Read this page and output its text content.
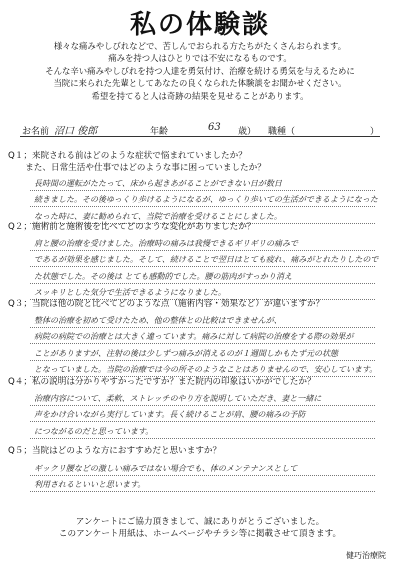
私の体験談
様々な痛みやしびれなどで、苦しんでおられる方たちがたくさんおられます。
痛みを持つ人はひとりでは不安になるものです。
そんな辛い痛みやしびれを持つ人達を勇気付け、治療を続ける勇気を与えるために
当院に来られた先輩としてあなたの良くなられた体験談をお聞かせください。
希望を持てると人は奇跡の結果を見せることがあります。
お名前 沼口 俊郎	年齢	63 歳） 職種（	）
Q１；来院される前はどのような症状で悩まれていましたか？
　　また、日常生活や仕事ではどのような事に困っていましたか？
長時間の運転がたたって、床から起きあがることができない日が数日
続きました。その後ゆっくり歩けるようになるが、ゆっくり歩いての生活ができるようになった
なった時に、妻に勧められて、当院で治療を受けることにしました。
Q２；施術前と施術後を比べてどのような変化がありましたか？
肩と腰の治療を受けました。治療時の痛みは我慢できるギリギリの痛みで
であるが効果を感じました。そして、続けることで翌日はとても疲れ、痛みがとれたりしたので
た状態でした。その後は とても感動的でした。腰の筋肉がすっかり消え
スッキリとした気分で生活できるようになりました。
Q３；当院は他の院と比べてどのような点（施術内容・効果など）が違いますか？
整体の治療を初めて受けたため、他の整体との比較はできませんが、
病院の病院での治療とは大きく違っています。痛みに対して病院の治療をする際の効果が
ことがありますが、注射の後は少しずつ痛みが消えるのが１週間しかもたず元の状態
となっていました。当院の治療では今の所そのようなことはありませんので、安心しています。
Q４；私の説明は分かりやすかったですか？また院内の印象はいかがでしたか？
治療内容について、柔軟、ストレッチのやり方を説明していただき、妻と一緒に
声をかけ合いながら実行しています。長く続けることが肩、腰の痛みの予防
につながるのだと思っています。
Q５；当院はどのような方におすすめだと思いますか？
ギックリ腰などの激しい痛みではない場合でも、体のメンテナンスとして
利用されるといいと思います。
アンケートにご協力頂きまして、誠にありがとうございました。
このアンケート用紙は、ホームページやチラシ等に掲載させて頂きます。
健巧治療院
